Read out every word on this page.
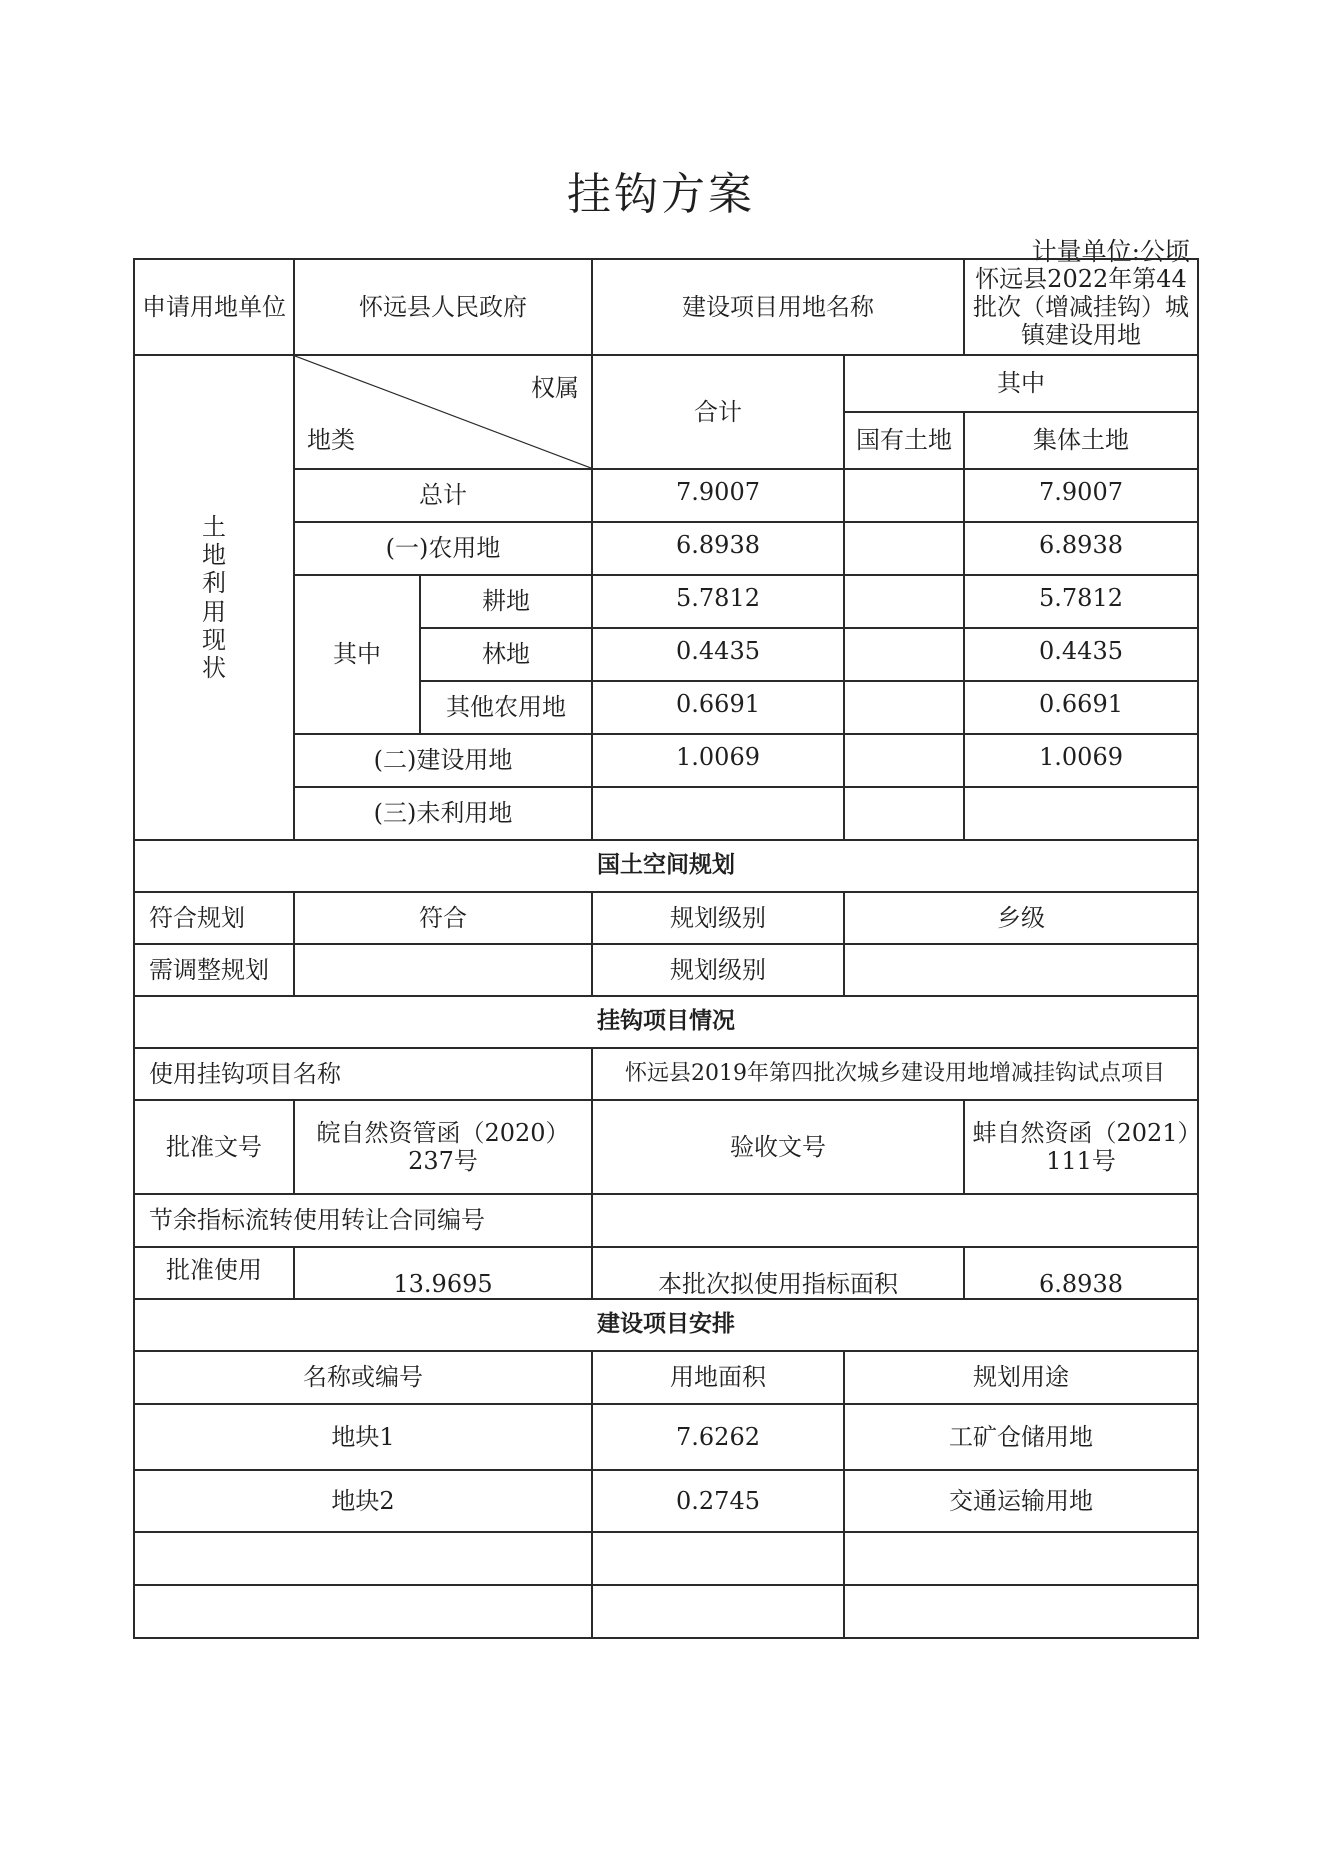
挂钩方案
计量单位:公顷
申请用地单位	怀远县人民政府		建设项目用地名称		怀远县2022年第44批次（增减挂钩）城镇建设用地
土地利用现状	权属
地类		合计	其中	
				国有土地	集体土地
	总计		7.9007		7.9007
	(一)农用地		6.8938		6.8938
	其中	耕地	5.7812		5.7812
		林地	0.4435		0.4435
		其他农用地	0.6691		0.6691
	(二)建设用地		1.0069		1.0069
	(三)未利用地				

国土空间规划					
符合规划	符合		规划级别	乡级	
需调整规划			规划级别		
挂钩项目情况					
使用挂钩项目名称			怀远县2019年第四批次城乡建设用地增减挂钩试点项目		
批准文号	皖自然资管函（2020）237号		验收文号		蚌自然资函（2021）111号
节余指标流转使用转让合同编号					
批准使用	13.9695		本批次拟使用指标面积		6.8938
建设项目安排					
名称或编号			用地面积	规划用途	
地块1			7.6262	工矿仓储用地	
地块2			0.2745	交通运输用地	
